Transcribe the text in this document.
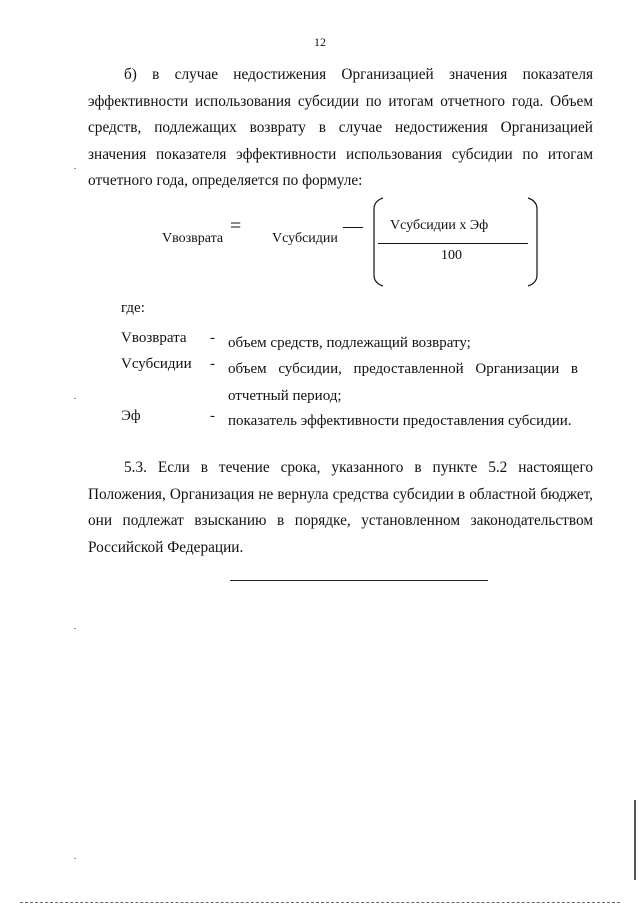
12

б) в случае недостижения Организацией значения показателя эффективности использования субсидии по итогам отчетного года. Объем средств, подлежащих возврату в случае недостижения Организацией значения показателя эффективности использования субсидии по итогам отчетного года, определяется по формуле:

Vвозврата
=
Vсубсидии
— Vсубсидии х Эф
100
где:
Vвозврата - объем средств, подлежащий возврату;
Vсубсидии - объем субсидии, предоставленной Организации в
отчетный период;
Эф	- показатель эффективности предоставления субсидии.

5.3. Если в течение срока, указанного в пункте 5.2 настоящего Положения, Организация не вернула средства субсидии в областной бюджет, они подлежат взысканию в порядке, установленном законодательством Российской Федерации.
